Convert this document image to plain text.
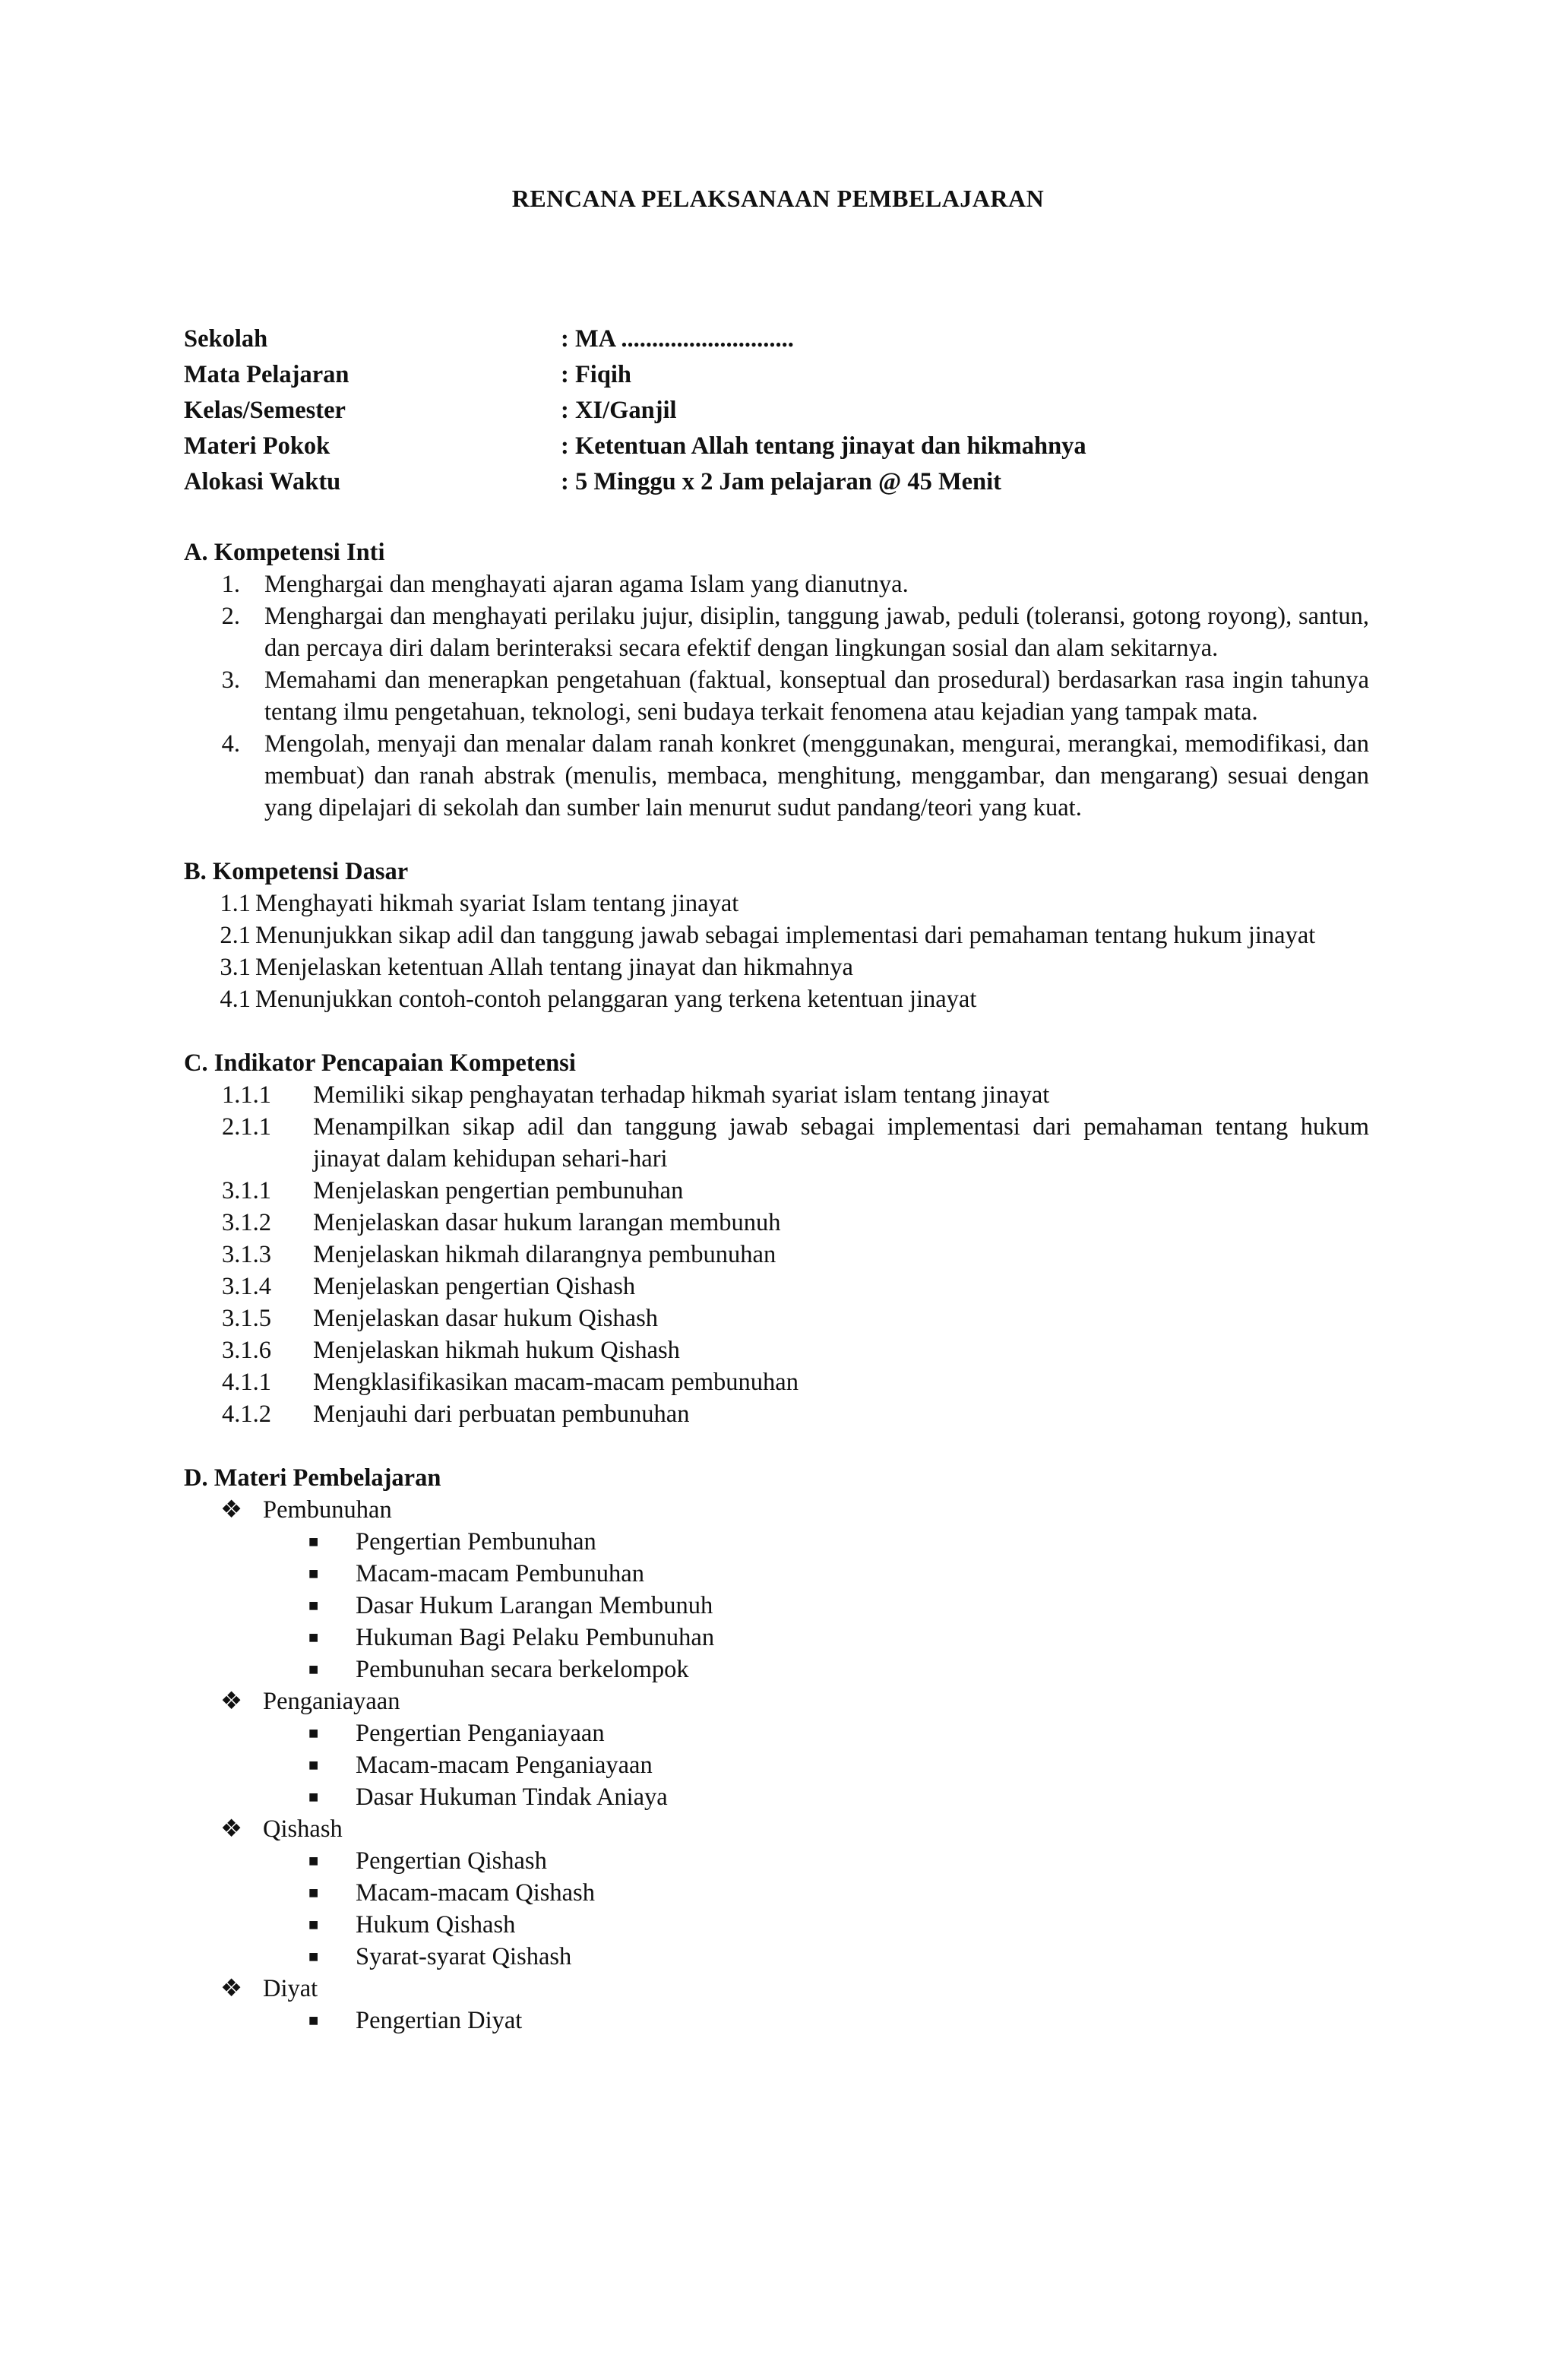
RENCANA PELAKSANAAN PEMBELAJARAN
Sekolah	: MA ............................
Mata Pelajaran	: Fiqih
Kelas/Semester	: XI/Ganjil
Materi Pokok	: Ketentuan Allah tentang jinayat dan hikmahnya
Alokasi Waktu	: 5 Minggu x 2 Jam pelajaran @ 45 Menit
A. Kompetensi Inti
1. Menghargai dan menghayati ajaran agama Islam yang dianutnya.
2. Menghargai dan menghayati perilaku jujur, disiplin, tanggung jawab, peduli (toleransi, gotong royong), santun, dan percaya diri dalam berinteraksi secara efektif dengan lingkungan sosial dan alam sekitarnya.
3. Memahami dan menerapkan pengetahuan (faktual, konseptual dan prosedural) berdasarkan rasa ingin tahunya tentang ilmu pengetahuan, teknologi, seni budaya terkait fenomena atau kejadian yang tampak mata.
4. Mengolah, menyaji dan menalar dalam ranah konkret (menggunakan, mengurai, merangkai, memodifikasi, dan membuat) dan ranah abstrak (menulis, membaca, menghitung, menggambar, dan mengarang) sesuai dengan yang dipelajari di sekolah dan sumber lain menurut sudut pandang/teori yang kuat.
B. Kompetensi Dasar
1.1 Menghayati hikmah syariat Islam tentang jinayat
2.1 Menunjukkan sikap adil dan tanggung jawab sebagai implementasi dari pemahaman tentang hukum jinayat
3.1 Menjelaskan ketentuan Allah tentang jinayat dan hikmahnya
4.1 Menunjukkan contoh-contoh pelanggaran yang terkena ketentuan jinayat
C. Indikator Pencapaian Kompetensi
1.1.1	Memiliki sikap penghayatan terhadap hikmah syariat islam tentang jinayat
2.1.1	Menampilkan sikap adil dan tanggung jawab sebagai implementasi dari pemahaman tentang hukum jinayat dalam kehidupan sehari-hari
3.1.1	Menjelaskan pengertian pembunuhan
3.1.2	Menjelaskan dasar hukum larangan membunuh
3.1.3	Menjelaskan hikmah dilarangnya pembunuhan
3.1.4	Menjelaskan pengertian Qishash
3.1.5	Menjelaskan dasar hukum Qishash
3.1.6	Menjelaskan hikmah hukum Qishash
4.1.1	Mengklasifikasikan macam-macam pembunuhan
4.1.2	Menjauhi dari perbuatan pembunuhan
D. Materi Pembelajaran
❖ Pembunuhan
■	Pengertian Pembunuhan
■	Macam-macam Pembunuhan
■	Dasar Hukum Larangan Membunuh
■	Hukuman Bagi Pelaku Pembunuhan
■	Pembunuhan secara berkelompok
❖ Penganiayaan
■	Pengertian Penganiayaan
■	Macam-macam Penganiayaan
■	Dasar Hukuman Tindak Aniaya
❖ Qishash
■	Pengertian Qishash
■	Macam-macam Qishash
■	Hukum Qishash
■	Syarat-syarat Qishash
❖ Diyat
■	Pengertian Diyat
